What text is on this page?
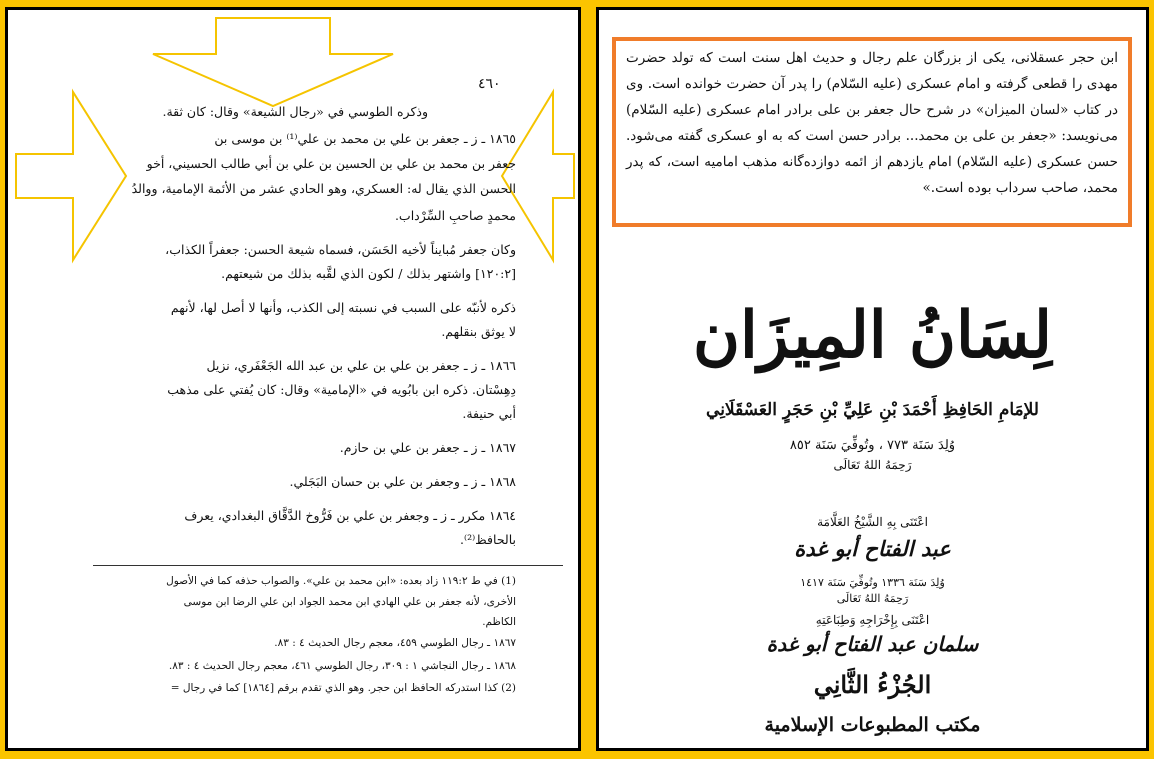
٤٦٠
وذكره الطوسي في «رجال الشيعة» وقال: كان ثقة.
١٨٦٥ ـ ز ـ جعفر بن علي بن محمد بن علي⁽¹⁾ بن موسى بن
جعفر بن محمد بن علي بن الحسين بن علي بن أبي طالب الحسيني، أخو
الحسن الذي يقال له: العسكري، وهو الحادي عشر من الأئمة الإمامية، ووالدُ
محمدٍ صاحبِ السِّرْداب.
وكان جعفر مُبايناً لأخيه الحَسَن، فسماه شيعة الحسن: جعفراً الكذاب،
[١٢٠:٢] واشتهر بذلك / لكون الذي لقَّبه بذلك من شيعتهم.
ذكره لأنبّه على السبب في نسبته إلى الكذب، وأنها لا أصل لها، لأنهم
لا يوثق بنقلهم.
١٨٦٦ ـ ز ـ جعفر بن علي بن علي بن عبد الله الجَعْفَري، نزيل
دِهِسْتان. ذكره ابن بابُويه في «الإمامية» وقال: كان يُفتي على مذهب
أبي حنيفة.
١٨٦٧ ـ ز ـ جعفر بن علي بن حازم.
١٨٦٨ ـ ز ـ وجعفر بن علي بن حسان البَجَلي.
١٨٦٤ مكرر ـ ز ـ وجعفر بن علي بن فَرُّوخ الدَّقَّاق البغدادي، يعرف
بالحافظ⁽²⁾.
(1) في ط ١١٩:٢ زاد بعده: «ابن محمد بن علي». والصواب حذفه كما في الأصول
الأخرى، لأنه جعفر بن علي الهادي ابن محمد الجواد ابن علي الرضا ابن موسى
الكاظم.
١٨٦٧ ـ رجال الطوسي ٤٥٩، معجم رجال الحديث ٤ : ٨٣.
١٨٦٨ ـ رجال النجاشي ١ : ٣٠٩، رجال الطوسي ٤٦١، معجم رجال الحديث ٤ : ٨٣.
(2) كذا استدركه الحافظ ابن حجر. وهو الذي تقدم برقم [١٨٦٤] كما في رجال =

ابن حجر عسقلانی، یکی از بزرگان علم رجال و حدیث اهل سنت است که تولد حضرت مهدی را قطعی گرفته و امام عسکری (علیه السّلام) را پدر آن حضرت خوانده است. وی در کتاب «لسان المیزان» در شرح حال جعفر بن علی برادر امام عسکری (علیه السّلام) می‌نویسد: «جعفر بن علی بن محمد... برادر حسن است که به او عسکری گفته می‌شود. حسن عسکری (علیه السّلام) امام یازدهم از ائمه دوازده‌گانه مذهب امامیه است، که پدر محمد، صاحب سرداب بوده است.»

لِسَانُ المِيزَان
للإمَامِ الحَافِظِ أَحْمَدَ بْنِ عَلِيِّ بْنِ حَجَرٍ العَسْقَلَانِي
وُلِدَ سَنَة ٧٧٣ ، وتُوفِّيَ سَنَة ٨٥٢
رَحِمَهُ اللهُ تَعَالَى
اعْتَنَى بِهِ الشَّيْخُ العَلَّامَة
عبد الفتاح أبو غدة
وُلِدَ سَنَة ١٣٣٦ وتُوفِّيَ سَنَة ١٤١٧
رَحِمَهُ اللهُ تَعَالَى
اعْتَنَى بِإِخْرَاجِهِ وَطِبَاعَتِهِ
سلمان عبد الفتاح أبو غدة
الجُزْءُ الثَّانِي
مكتب المطبوعات الإسلامية
